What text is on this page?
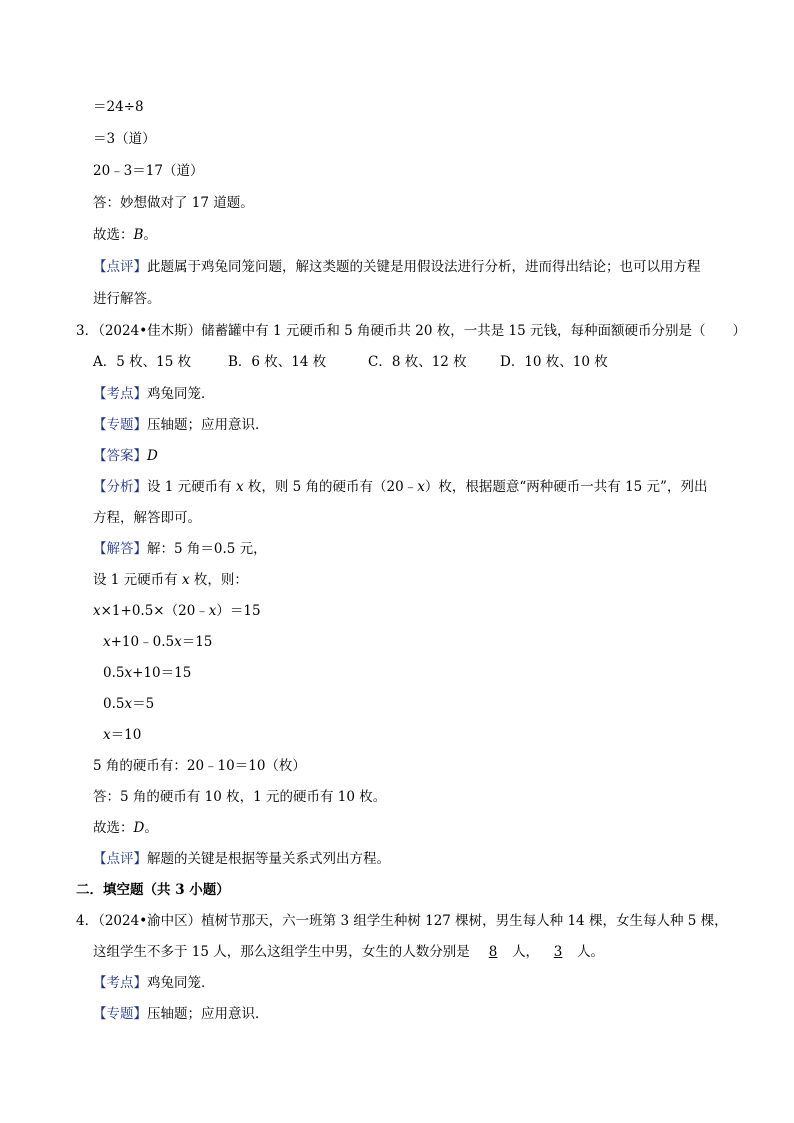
＝24÷8
＝3（道）
20﹣3＝17（道）
答：妙想做对了 17 道题。
故选：B。
【点评】此题属于鸡兔同笼问题，解这类题的关键是用假设法进行分析，进而得出结论；也可以用方程
进行解答。
3．（2024•佳木斯）储蓄罐中有 1 元硬币和 5 角硬币共 20 枚，一共是 15 元钱，每种面额硬币分别是（　　）
A．5 枚、15 枚	B．6 枚、14 枚	C．8 枚、12 枚 D．10 枚、10 枚
【考点】鸡兔同笼．
【专题】压轴题；应用意识．
【答案】D
【分析】设 1 元硬币有 x 枚，则 5 角的硬币有（20﹣x）枚，根据题意“两种硬币一共有 15 元”，列出
方程，解答即可。
【解答】解：5 角＝0.5 元，
设 1 元硬币有 x 枚，则：
x×1+0.5×（20﹣x）＝15
x+10﹣0.5x＝15
0.5x+10＝15
0.5x＝5
x＝10
5 角的硬币有：20﹣10＝10（枚）
答：5 角的硬币有 10 枚，1 元的硬币有 10 枚。
故选：D。
【点评】解题的关键是根据等量关系式列出方程。
二．填空题（共 3 小题）
4．（2024•渝中区）植树节那天，六一班第 3 组学生种树 127 棵树，男生每人种 14 棵，女生每人种 5 棵，
这组学生不多于 15 人，那么这组学生中男，女生的人数分别是 8 人， 3 人。
【考点】鸡兔同笼．
【专题】压轴题；应用意识．
